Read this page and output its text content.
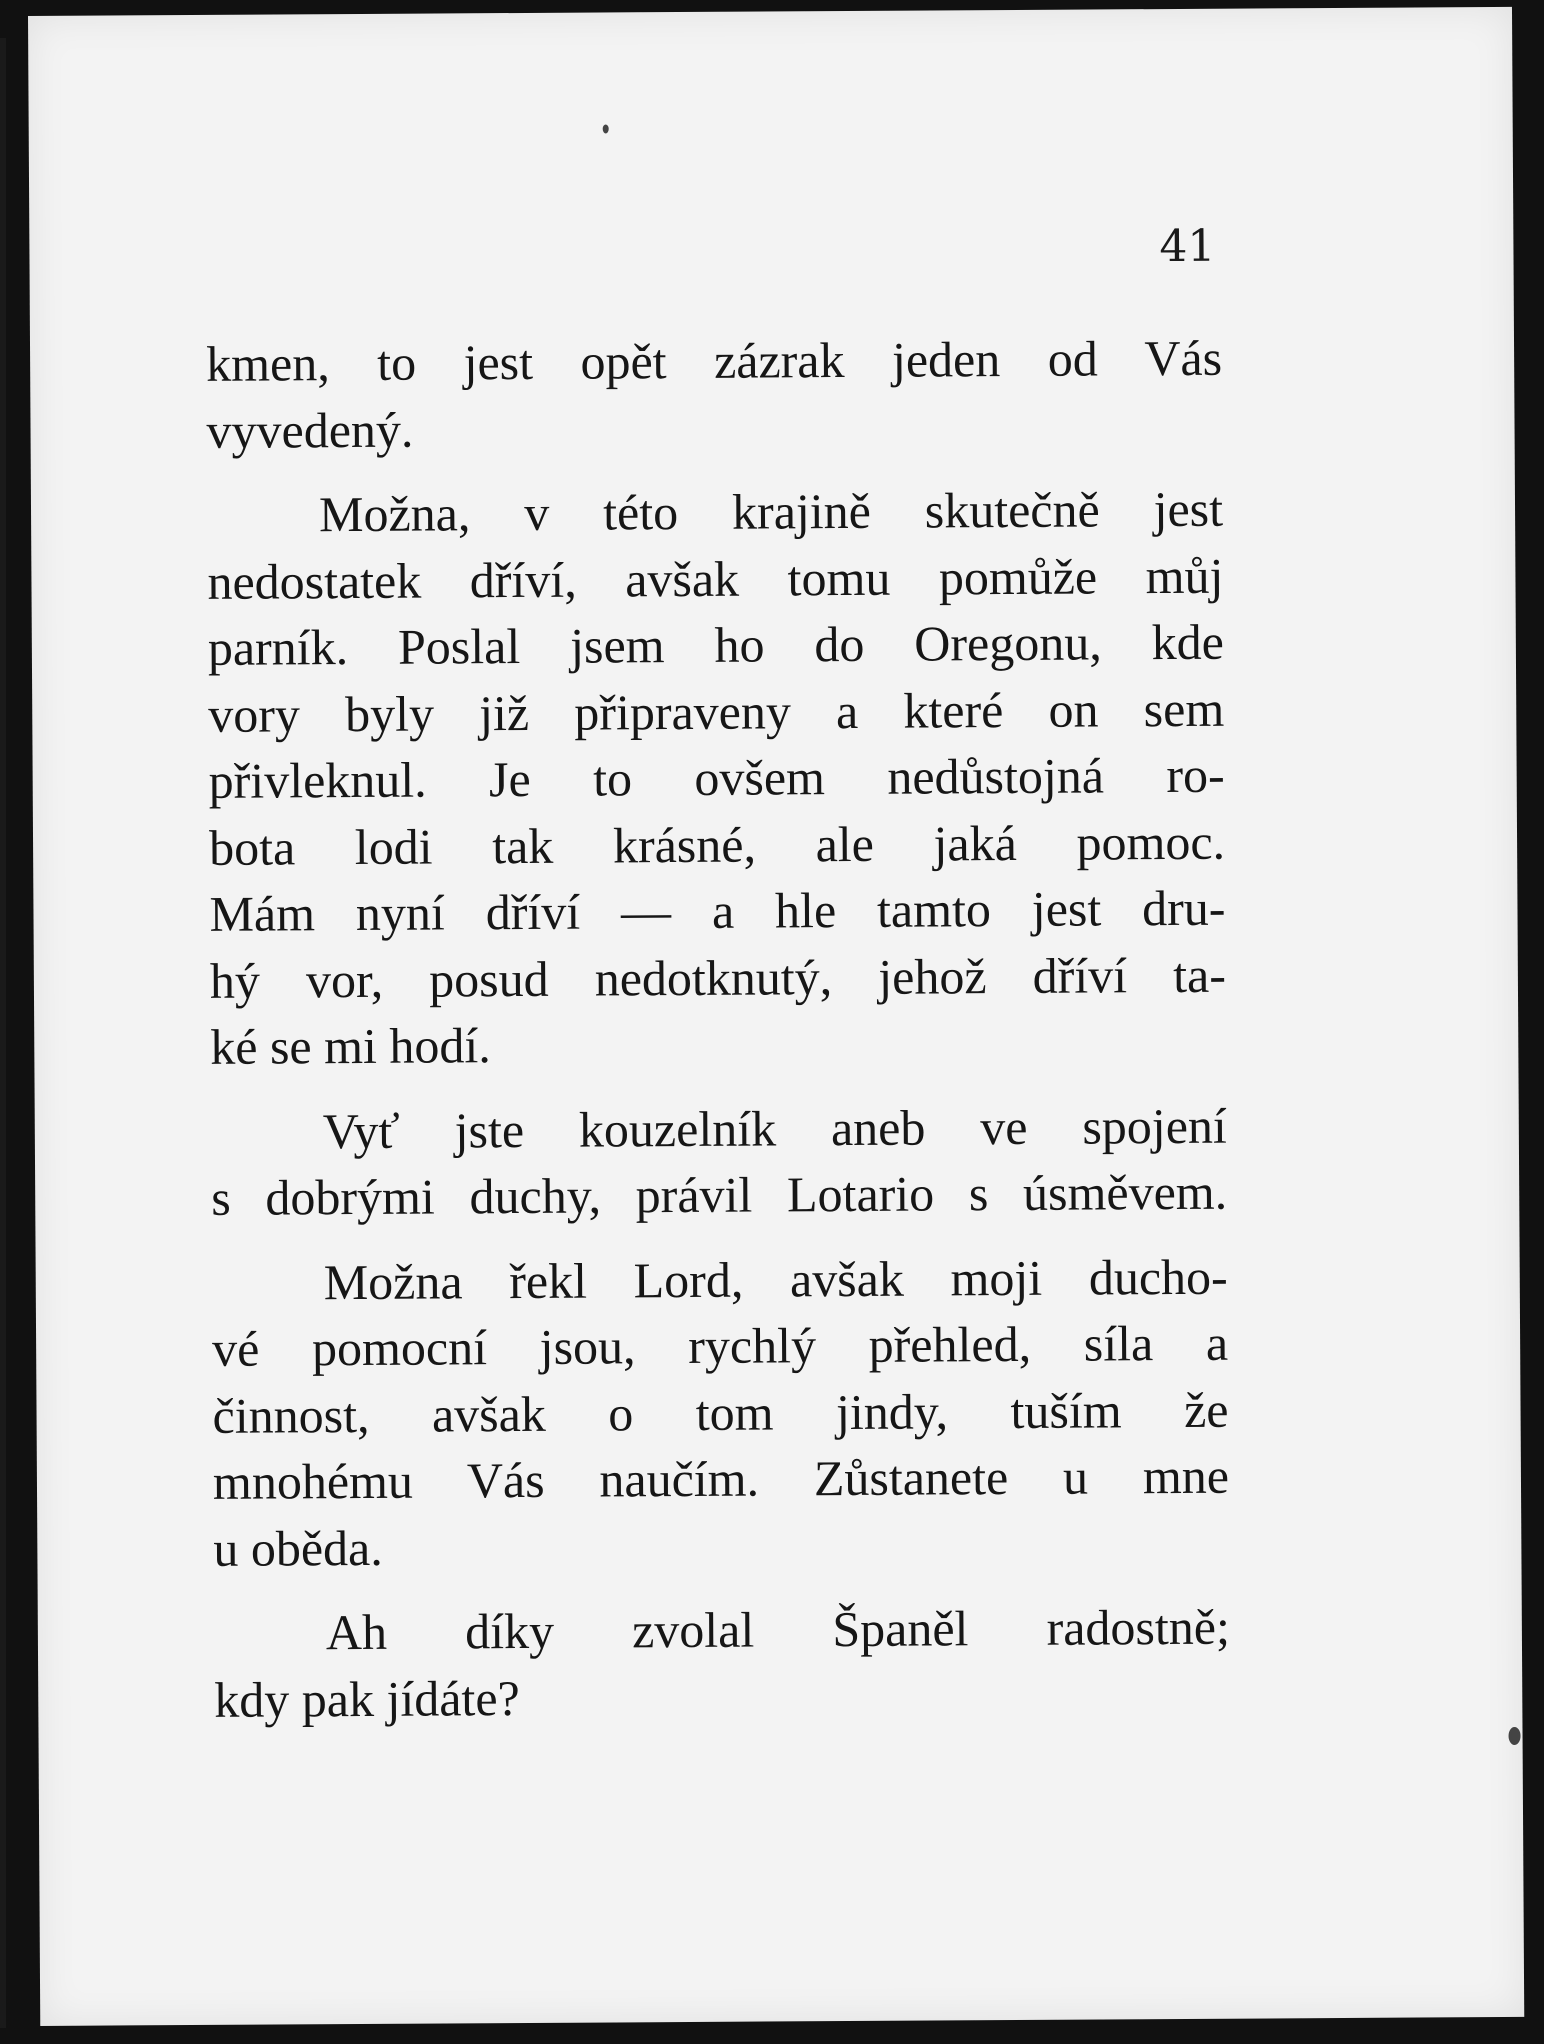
41

kmen, to jest opět zázrak jeden od Vás
vyvedený.

Možna, v této krajině skutečně jest
nedostatek dříví, avšak tomu pomůže můj
parník. Poslal jsem ho do Oregonu, kde
vory byly již připraveny a které on sem
přivleknul. Je to ovšem nedůstojná ro-
bota lodi tak krásné, ale jaká pomoc.
Mám nyní dříví — a hle tamto jest dru-
hý vor, posud nedotknutý, jehož dříví ta-
ké se mi hodí.

Vyť jste kouzelník aneb ve spojení
s dobrými duchy, právil Lotario s úsměvem.

Možna řekl Lord, avšak moji ducho-
vé pomocní jsou, rychlý přehled, síla a
činnost, avšak o tom jindy, tuším že
mnohému Vás naučím. Zůstanete u mne
u oběda.

Ah díky zvolal Španěl radostně;
kdy pak jídáte?
